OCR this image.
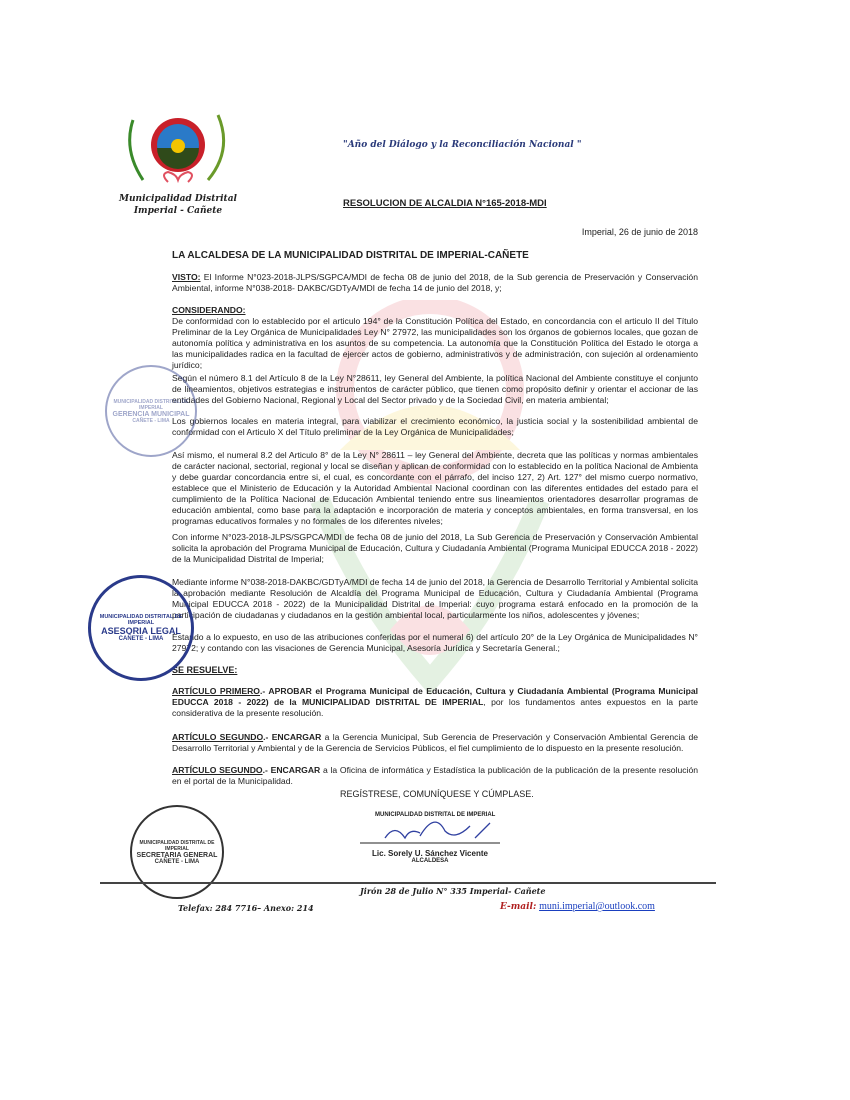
Municipalidad Distrital
Imperial - Cañete
"Año del Diálogo y la Reconciliación Nacional "
RESOLUCION DE ALCALDIA N°165-2018-MDI
Imperial, 26 de junio de 2018
LA ALCALDESA DE LA MUNICIPALIDAD DISTRITAL DE IMPERIAL-CAÑETE
VISTO: El Informe N°023-2018-JLPS/SGPCA/MDI de fecha 08 de junio del 2018, de la Sub gerencia de Preservación y Conservación Ambiental, informe N°038-2018- DAKBC/GDTyA/MDI de fecha 14 de junio del 2018, y;
CONSIDERANDO:
De conformidad con lo establecido por el articulo 194° de la Constitución Política del Estado, en concordancia con el articulo II del Título Preliminar de la Ley Orgánica de Municipalidades Ley N° 27972, las municipalidades son los órganos de gobiernos locales, que gozan de autonomía política y administrativa en los asuntos de su competencia. La autonomía que la Constitución Política del Estado le otorga a las municipalidades radica en la facultad de ejercer actos de gobierno, administrativos y de administración, con sujeción al ordenamiento jurídico;
Según el número 8.1 del Artículo 8 de la Ley N°28611, ley General del Ambiente, la política Nacional del Ambiente constituye el conjunto de lineamientos, objetivos estrategias e instrumentos de carácter público, que tienen como propósito definir y orientar el accionar de las entidades del Gobierno Nacional, Regional y Local del Sector privado y de la Sociedad Civil, en materia ambiental;
Los gobiernos locales en materia integral, para viabilizar el crecimiento económico, la justicia social y la sostenibilidad ambiental de conformidad con el Articulo X del Título preliminar de la Ley Orgánica de Municipalidades;
Así mismo, el numeral 8.2 del Articulo 8° de la Ley N° 28611 – ley General del Ambiente, decreta que las políticas y normas ambientales de carácter nacional, sectorial, regional y local se diseñan y aplican de conformidad con lo establecido en la política Nacional de Ambienta y debe guardar concordancia entre si, el cual, es concordante con el párrafo, del inciso 127, 2) Art. 127° del mismo cuerpo normativo, establece que el Ministerio de Educación y la Autoridad Ambiental Nacional coordinan con las diferentes entidades del estado para el cumplimiento de la Política Nacional de Educación Ambiental teniendo entre sus lineamientos orientadores desarrollar programas de educación ambiental, como base para la adaptación e incorporación de materia y conceptos ambientales, en forma transversal, en los programas educativos formales y no formales de los diferentes niveles;
Con informe N°023-2018-JLPS/SGPCA/MDI de fecha 08 de junio del 2018, La Sub Gerencia de Preservación y Conservación Ambiental solicita la aprobación del Programa Municipal de Educación, Cultura y Ciudadanía Ambiental (Programa Municipal EDUCCA 2018 - 2022) de la Municipalidad Distrital de Imperial;
Mediante informe N°038-2018-DAKBC/GDTyA/MDI de fecha 14 de junio del 2018, la Gerencia de Desarrollo Territorial y Ambiental solicita la aprobación mediante Resolución de Alcaldía del Programa Municipal de Educación, Cultura y Ciudadanía Ambiental (Programa Municipal EDUCCA 2018 - 2022) de la Municipalidad Distrital de Imperial: cuyo programa estará enfocado en la promoción de la participación de ciudadanas y ciudadanos en la gestión ambiental local, particularmente los niños, adolescentes y jóvenes;
Estando a lo expuesto, en uso de las atribuciones conferidas por el numeral 6) del artículo 20° de la Ley Orgánica de Municipalidades N° 27972; y contando con las visaciones de Gerencia Municipal, Asesoría Jurídica y Secretaría General.;
SE RESUELVE:
ARTÍCULO PRIMERO.- APROBAR el Programa Municipal de Educación, Cultura y Ciudadanía Ambiental (Programa Municipal EDUCCA 2018 - 2022) de la MUNICIPALIDAD DISTRITAL DE IMPERIAL, por los fundamentos antes expuestos en la parte considerativa de la presente resolución.
ARTÍCULO SEGUNDO.- ENCARGAR a la Gerencia Municipal, Sub Gerencia de Preservación y Conservación Ambiental Gerencia de Desarrollo Territorial y Ambiental y de la Gerencia de Servicios Públicos, el fiel cumplimiento de lo dispuesto en la presente resolución.
ARTÍCULO SEGUNDO.- ENCARGAR a la Oficina de informática y Estadística la publicación de la publicación de la presente resolución en el portal de la Municipalidad.
REGÍSTRESE, COMUNÍQUESE Y CÚMPLASE.
MUNICIPALIDAD DISTRITAL DE IMPERIAL
GERENCIA MUNICIPAL
CAÑETE - LIMA
MUNICIPALIDAD DISTRITAL DE IMPERIAL
ASESORIA LEGAL
CAÑETE - LIMA
MUNICIPALIDAD DISTRITAL DE IMPERIAL
SECRETARIA GENERAL
CAÑETE - LIMA
MUNICIPALIDAD DISTRITAL DE IMPERIAL
Lic. Sorely U. Sánchez Vicente
ALCALDESA
Jirón 28 de Julio N° 335 Imperial- Cañete
Telefax: 284 7716– Anexo: 214	E-mail: muni.imperial@outlook.com
